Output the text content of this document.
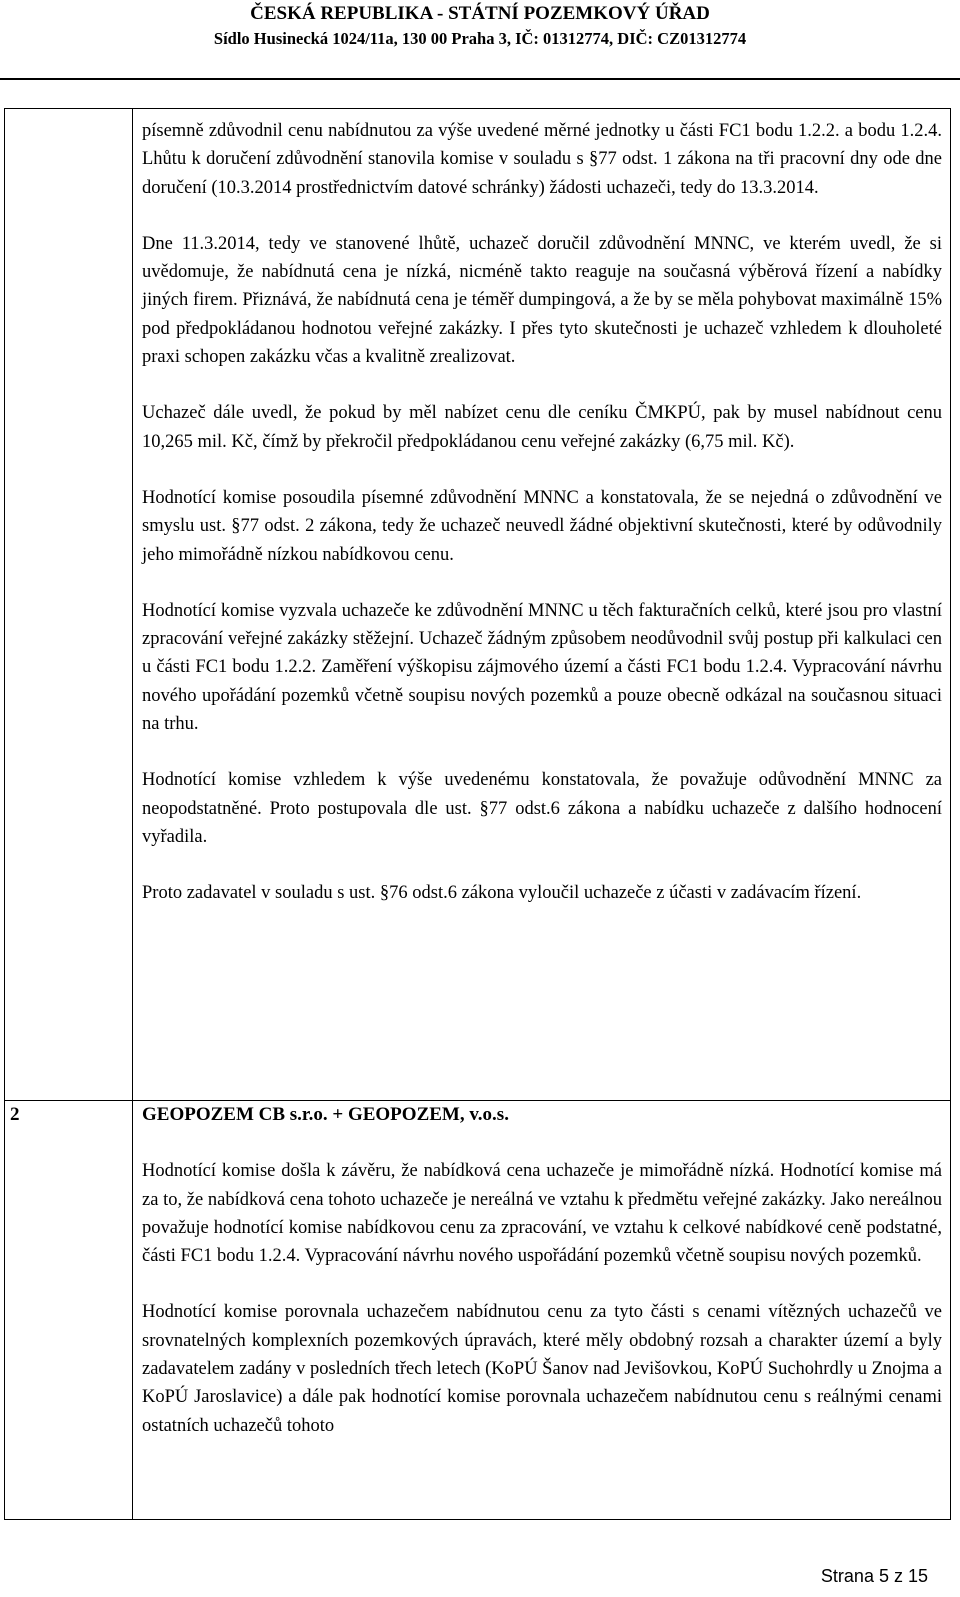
ČESKÁ REPUBLIKA - STÁTNÍ POZEMKOVÝ ÚŘAD
Sídlo Husinecká 1024/11a, 130 00 Praha 3, IČ: 01312774, DIČ: CZ01312774

písemně zdůvodnil cenu nabídnutou za výše uvedené měrné jednotky u části FC1 bodu 1.2.2. a bodu 1.2.4. Lhůtu k doručení zdůvodnění stanovila komise v souladu s §77 odst. 1 zákona na tři pracovní dny ode dne doručení (10.3.2014 prostřednictvím datové schránky) žádosti uchazeči, tedy do 13.3.2014.

Dne 11.3.2014, tedy ve stanovené lhůtě, uchazeč doručil zdůvodnění MNNC, ve kterém uvedl, že si uvědomuje, že nabídnutá cena je nízká, nicméně takto reaguje na současná výběrová řízení a nabídky jiných firem. Přiznává, že nabídnutá cena je téměř dumpingová, a že by se měla pohybovat maximálně 15% pod předpokládanou hodnotou veřejné zakázky. I přes tyto skutečnosti je uchazeč vzhledem k dlouholeté praxi schopen zakázku včas a kvalitně zrealizovat.

Uchazeč dále uvedl, že pokud by měl nabízet cenu dle ceníku ČMKPÚ, pak by musel nabídnout cenu 10,265 mil. Kč, čímž by překročil předpokládanou cenu veřejné zakázky (6,75 mil. Kč).

Hodnotící komise posoudila písemné zdůvodnění MNNC a konstatovala, že se nejedná o zdůvodnění ve smyslu ust. §77 odst. 2 zákona, tedy že uchazeč neuvedl žádné objektivní skutečnosti, které by odůvodnily jeho mimořádně nízkou nabídkovou cenu.

Hodnotící komise vyzvala uchazeče ke zdůvodnění MNNC u těch fakturačních celků, které jsou pro vlastní zpracování veřejné zakázky stěžejní. Uchazeč žádným způsobem neodůvodnil svůj postup při kalkulaci cen u části FC1 bodu 1.2.2. Zaměření výškopisu zájmového území a části FC1 bodu 1.2.4. Vypracování návrhu nového upořádání pozemků včetně soupisu nových pozemků a pouze obecně odkázal na současnou situaci na trhu.

Hodnotící komise vzhledem k výše uvedenému konstatovala, že považuje odůvodnění MNNC za neopodstatněné. Proto postupovala dle ust. §77 odst.6 zákona a nabídku uchazeče z dalšího hodnocení vyřadila.

Proto zadavatel v souladu s ust. §76 odst.6 zákona vyloučil uchazeče z účasti v zadávacím řízení.

2	GEOPOZEM CB s.r.o. + GEOPOZEM, v.o.s.

Hodnotící komise došla k závěru, že nabídková cena uchazeče je mimořádně nízká. Hodnotící komise má za to, že nabídková cena tohoto uchazeče je nereálná ve vztahu k předmětu veřejné zakázky. Jako nereálnou považuje hodnotící komise nabídkovou cenu za zpracování, ve vztahu k celkové nabídkové ceně podstatné, části FC1 bodu 1.2.4. Vypracování návrhu nového uspořádání pozemků včetně soupisu nových pozemků.

Hodnotící komise porovnala uchazečem nabídnutou cenu za tyto části s cenami vítězných uchazečů ve srovnatelných komplexních pozemkových úpravách, které měly obdobný rozsah a charakter území a byly zadavatelem zadány v posledních třech letech (KoPÚ Šanov nad Jevišovkou, KoPÚ Suchohrdly u Znojma a KoPÚ Jaroslavice) a dále pak hodnotící komise porovnala uchazečem nabídnutou cenu s reálnými cenami ostatních uchazečů tohoto

Strana 5 z 15
